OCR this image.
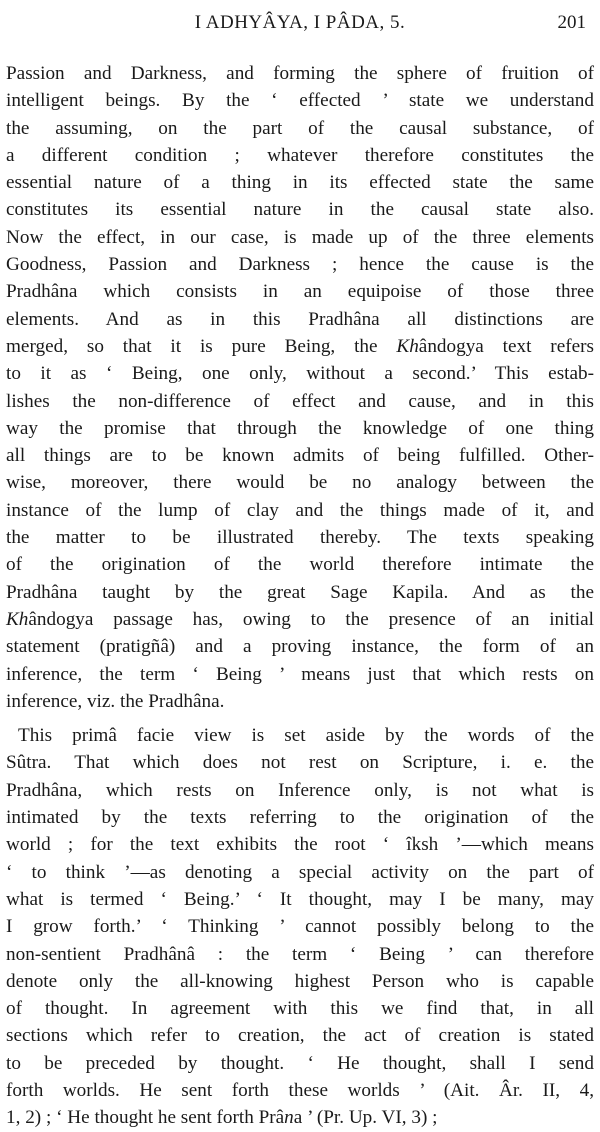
I ADHYÂYA, I PÂDA, 5.	201
Passion and Darkness, and forming the sphere of fruition of
intelligent beings. By the ‘ effected ’ state we understand
the assuming, on the part of the causal substance, of
a different condition ; whatever therefore constitutes the
essential nature of a thing in its effected state the same
constitutes its essential nature in the causal state also.
Now the effect, in our case, is made up of the three elements
Goodness, Passion and Darkness ; hence the cause is the
Pradhâna which consists in an equipoise of those three
elements. And as in this Pradhâna all distinctions are
merged, so that it is pure Being, the Khândogya text refers
to it as ‘ Being, one only, without a second.’ This estab-
lishes the non-difference of effect and cause, and in this
way the promise that through the knowledge of one thing
all things are to be known admits of being fulfilled. Other-
wise, moreover, there would be no analogy between the
instance of the lump of clay and the things made of it, and
the matter to be illustrated thereby. The texts speaking
of the origination of the world therefore intimate the
Pradhâna taught by the great Sage Kapila. And as the
Khândogya passage has, owing to the presence of an initial
statement (pratigñâ) and a proving instance, the form of an
inference, the term ‘ Being ’ means just that which rests on
inference, viz. the Pradhâna.
This primâ facie view is set aside by the words of the
Sûtra. That which does not rest on Scripture, i. e. the
Pradhâna, which rests on Inference only, is not what is
intimated by the texts referring to the origination of the
world ; for the text exhibits the root ‘ îksh ’—which means
‘ to think ’—as denoting a special activity on the part of
what is termed ‘ Being.’ ‘ It thought, may I be many, may
I grow forth.’ ‘ Thinking ’ cannot possibly belong to the
non-sentient Pradhânâ : the term ‘ Being ’ can therefore
denote only the all-knowing highest Person who is capable
of thought. In agreement with this we find that, in all
sections which refer to creation, the act of creation is stated
to be preceded by thought. ‘ He thought, shall I send
forth worlds. He sent forth these worlds ’ (Ait. Âr. II, 4,
1, 2) ; ‘ He thought he sent forth Prâna ’ (Pr. Up. VI, 3) ;
